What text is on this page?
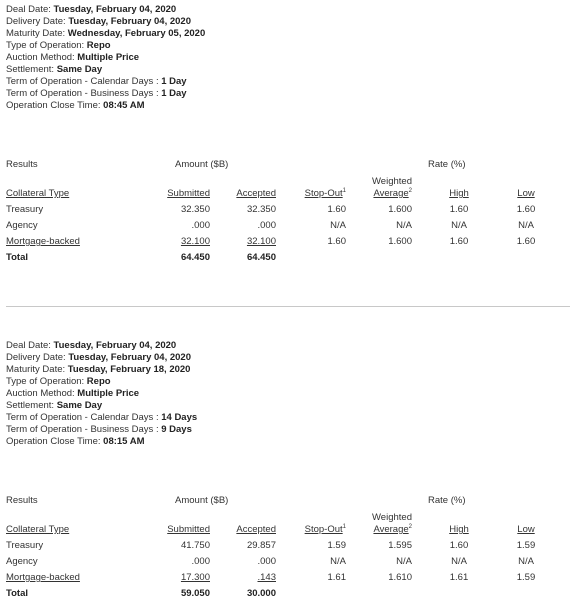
Deal Date: Tuesday, February 04, 2020
Delivery Date: Tuesday, February 04, 2020
Maturity Date: Wednesday, February 05, 2020
Type of Operation: Repo
Auction Method: Multiple Price
Settlement: Same Day
Term of Operation - Calendar Days : 1 Day
Term of Operation - Business Days : 1 Day
Operation Close Time: 08:45 AM
Results	Amount ($B)	Rate (%)
Weighted
Collateral Type	Submitted	Accepted	Stop-Out$^1$	Average$^2$	High	Low
Treasury	32.350	32.350	1.60	1.600	1.60	1.60
Agency	.000	.000	N/A	N/A	N/A	N/A
Mortgage-backed	32.100	32.100	1.60	1.600	1.60	1.60
Total	64.450	64.450
Deal Date: Tuesday, February 04, 2020
Delivery Date: Tuesday, February 04, 2020
Maturity Date: Tuesday, February 18, 2020
Type of Operation: Repo
Auction Method: Multiple Price
Settlement: Same Day
Term of Operation - Calendar Days : 14 Days
Term of Operation - Business Days : 9 Days
Operation Close Time: 08:15 AM
Results	Amount ($B)	Rate (%)
Weighted
Collateral Type	Submitted	Accepted	Stop-Out$^1$	Average$^2$	High	Low
Treasury	41.750	29.857	1.59	1.595	1.60	1.59
Agency	.000	.000	N/A	N/A	N/A	N/A
Mortgage-backed	17.300	.143	1.61	1.610	1.61	1.59
Total	59.050	30.000
